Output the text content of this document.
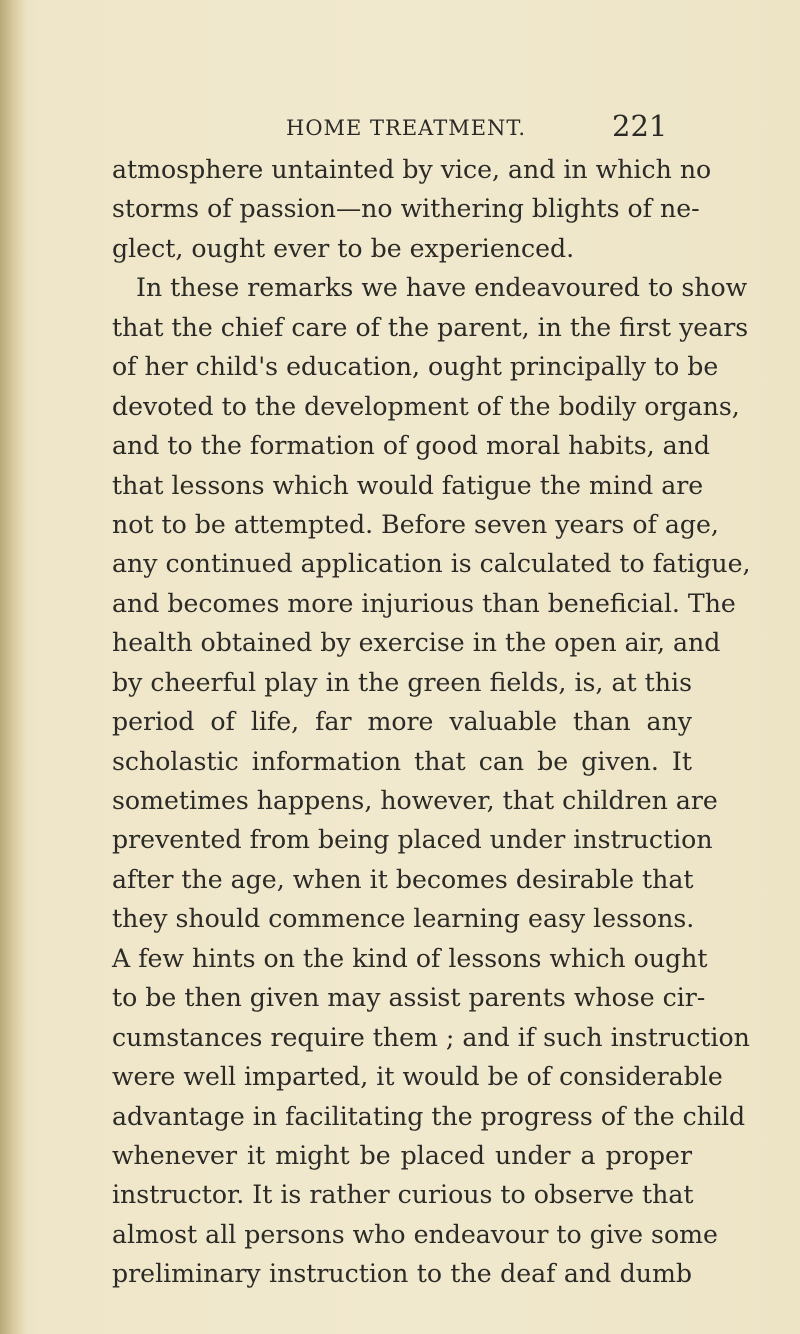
HOME TREATMENT.	221
atmosphere untainted by vice, and in which no
storms of passion—no withering blights of ne-
glect, ought ever to be experienced.
In these remarks we have endeavoured to show
that the chief care of the parent, in the first years
of her child's education, ought principally to be
devoted to the development of the bodily organs,
and to the formation of good moral habits, and
that lessons which would fatigue the mind are
not to be attempted. Before seven years of age,
any continued application is calculated to fatigue,
and becomes more injurious than beneficial. The
health obtained by exercise in the open air, and
by cheerful play in the green fields, is, at this
period of life, far more valuable than any
scholastic information that can be given. It
sometimes happens, however, that children are
prevented from being placed under instruction
after the age, when it becomes desirable that
they should commence learning easy lessons.
A few hints on the kind of lessons which ought
to be then given may assist parents whose cir-
cumstances require them ; and if such instruction
were well imparted, it would be of considerable
advantage in facilitating the progress of the child
whenever it might be placed under a proper
instructor. It is rather curious to observe that
almost all persons who endeavour to give some
preliminary instruction to the deaf and dumb
